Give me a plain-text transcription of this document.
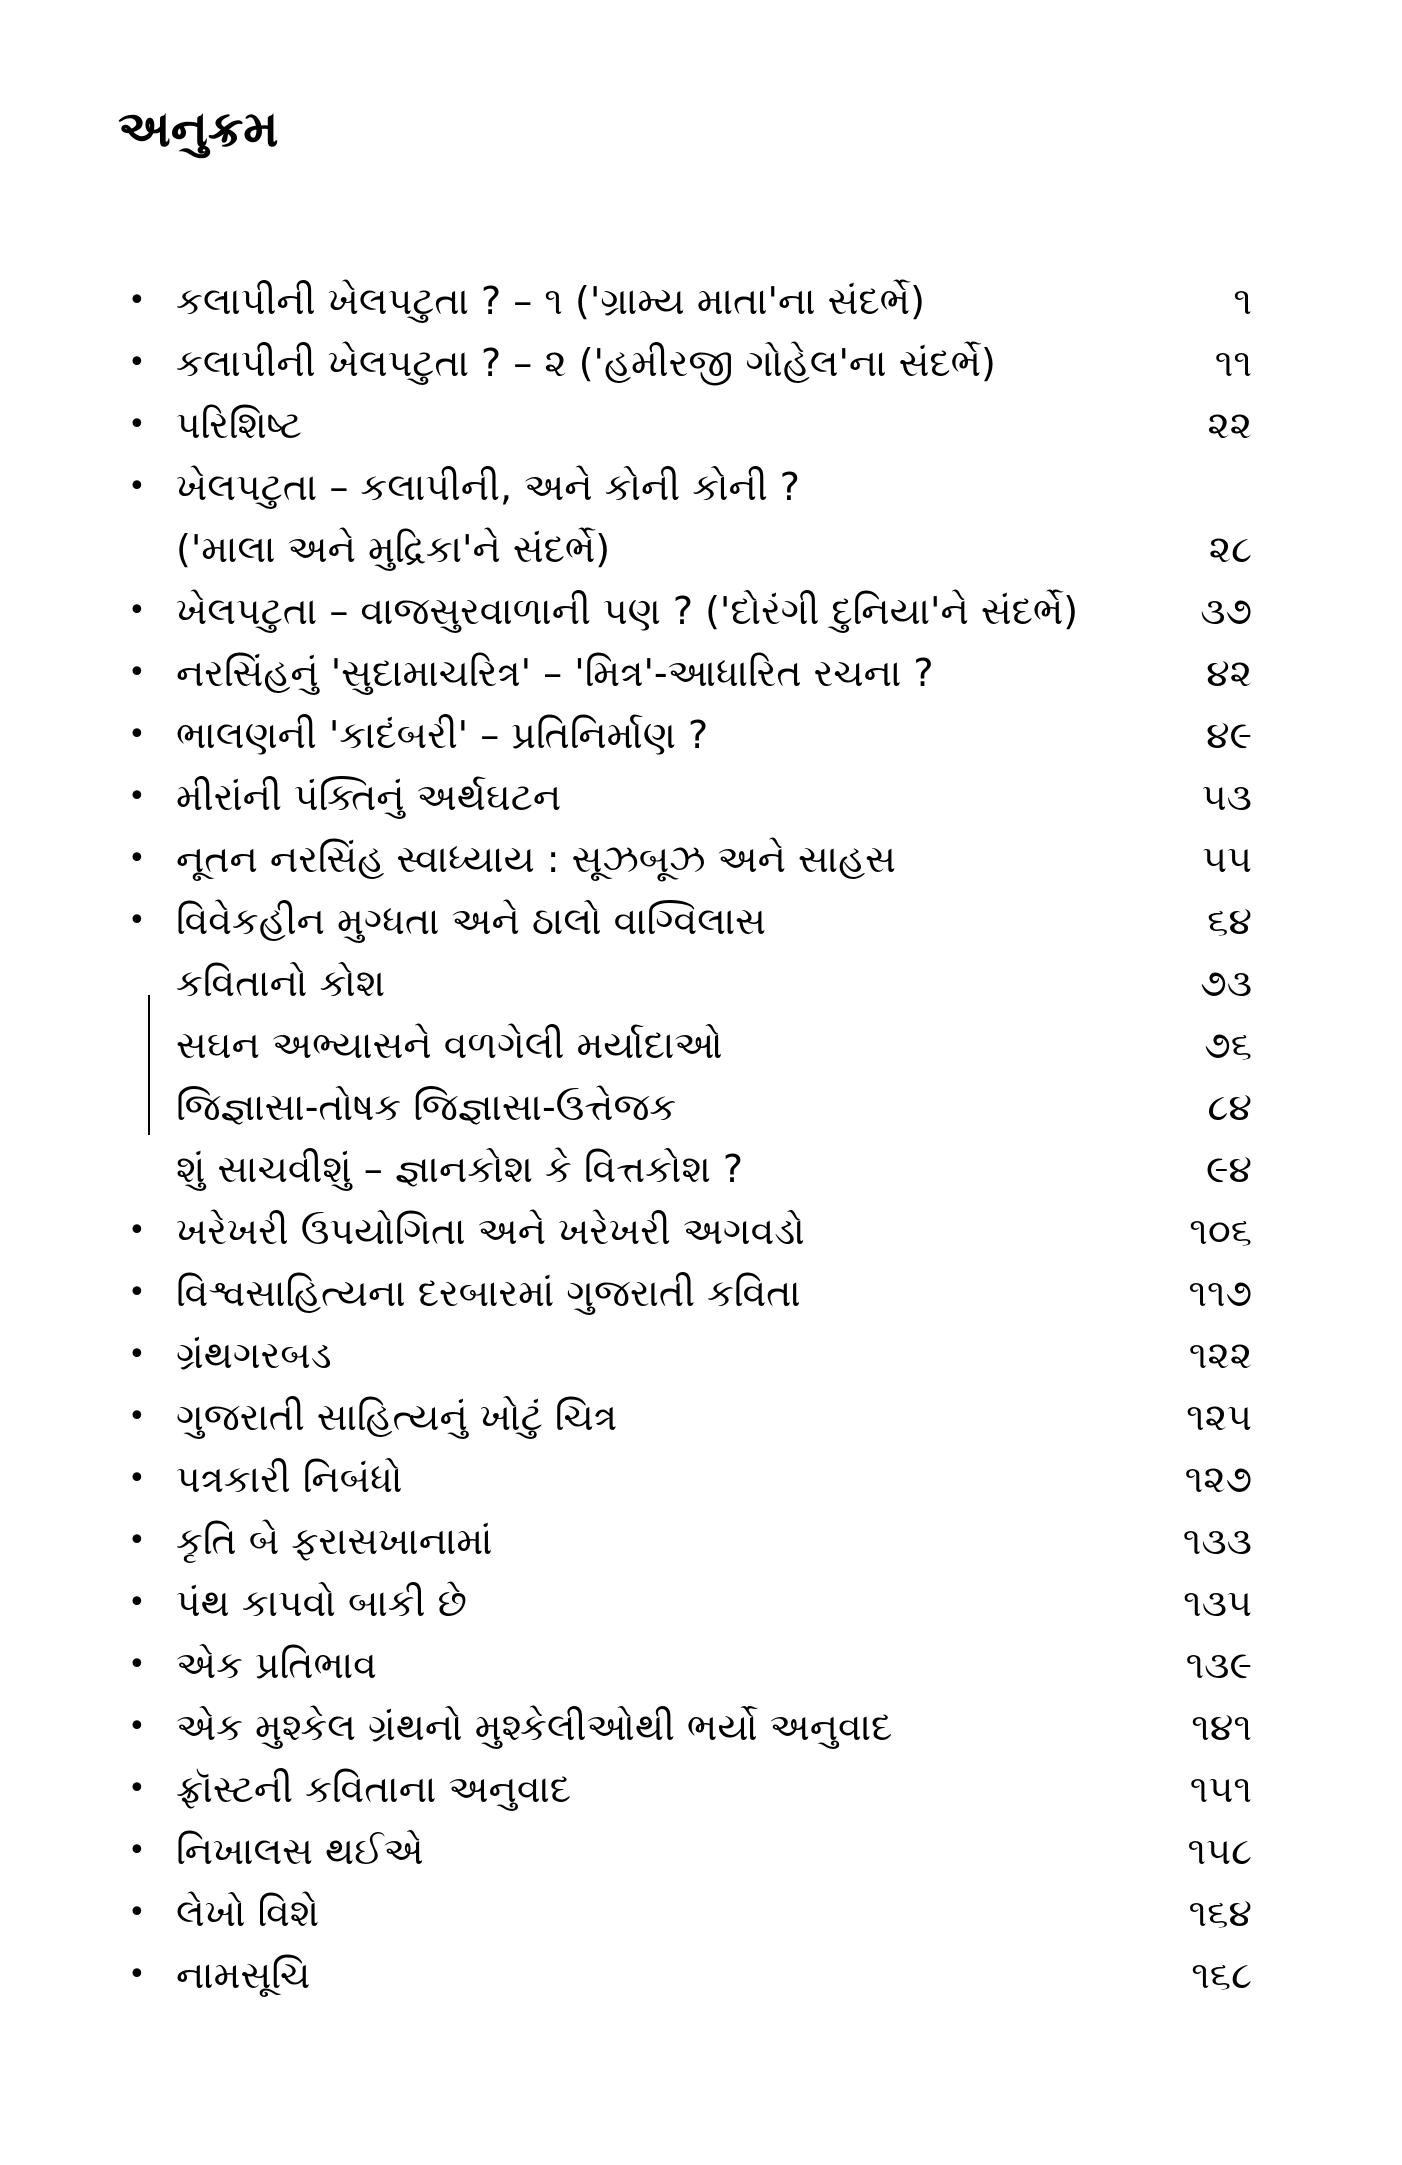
અનુક્રમ
• કલાપીની ખેલપટુતા ? – ૧ ('ગ્રામ્ય માતા'ના સંદર્ભે)	૧
• કલાપીની ખેલપટુતા ? – ૨ ('હમીરજી ગોહેલ'ના સંદર્ભે)	૧૧
• પરિશિષ્ટ	૨૨
• ખેલપટુતા – કલાપીની, અને કોની કોની ?
('માલા અને મુદ્રિકા'ને સંદર્ભે)	૨૮
• ખેલપટુતા – વાજસુરવાળાની પણ ? ('દોરંગી દુનિયા'ને સંદર્ભે)	૩૭
• નરસિંહનું 'સુદામાચરિત્ર' – 'મિત્ર'-આધારિત રચના ?	૪૨
• ભાલણની 'કાદંબરી' – પ્રતિનિર્માણ ?	૪૯
• મીરાંની પંક્તિનું અર્થઘટન	૫૩
• નૂતન નરસિંહ સ્વાધ્યાય : સૂઝબૂઝ અને સાહસ	૫૫
• વિવેકહીન મુગ્ધતા અને ઠાલો વાગ્વિલાસ	૬૪
કવિતાનો કોશ	૭૩
સઘન અભ્યાસને વળગેલી મર્યાદાઓ	૭૬
જિજ્ઞાસા-તોષક જિજ્ઞાસા-ઉત્તેજક	૮૪
શું સાચવીશું – જ્ઞાનકોશ કે વિત્તકોશ ?	૯૪
• ખરેખરી ઉપયોગિતા અને ખરેખરી અગવડો	૧૦૬
• વિશ્વસાહિત્યના દરબારમાં ગુજરાતી કવિતા	૧૧૭
• ગ્રંથગરબડ	૧૨૨
• ગુજરાતી સાહિત્યનું ખોટું ચિત્ર	૧૨૫
• પત્રકારી નિબંધો	૧૨૭
• કૃતિ બે ફરાસખાનામાં	૧૩૩
• પંથ કાપવો બાકી છે	૧૩૫
• એક પ્રતિભાવ	૧૩૯
• એક મુશ્કેલ ગ્રંથનો મુશ્કેલીઓથી ભર્યો અનુવાદ	૧૪૧
• ફ્રૉસ્ટની કવિતાના અનુવાદ	૧૫૧
• નિખાલસ થઈએ	૧૫૮
• લેખો વિશે	૧૬૪
• નામસૂચિ	૧૬૮
